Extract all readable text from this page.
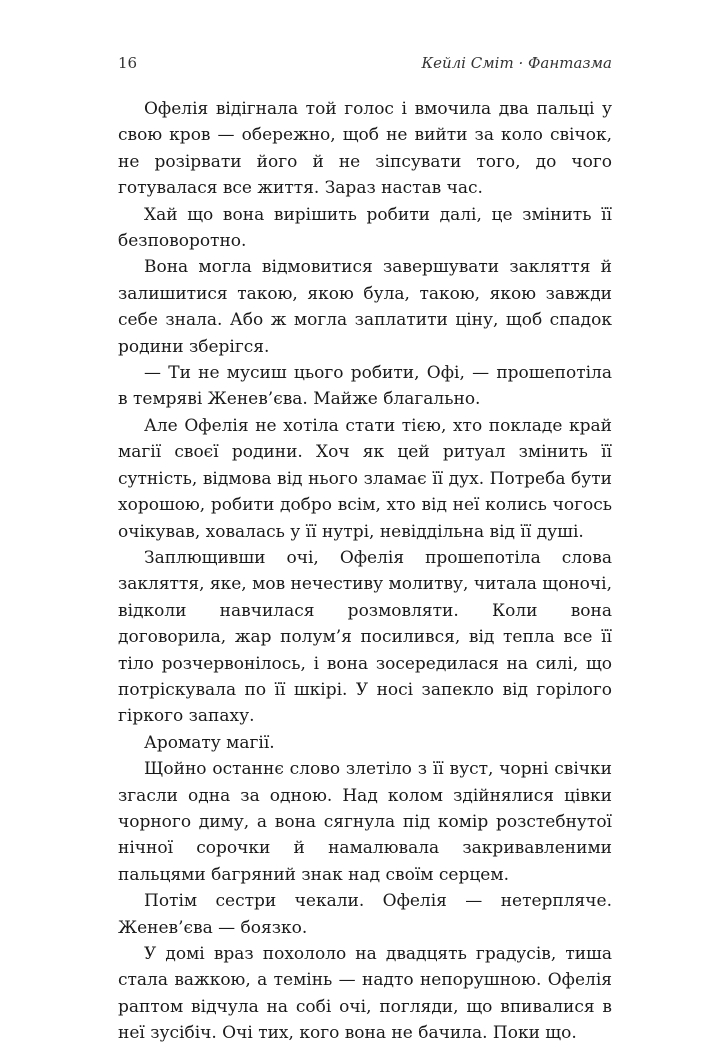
16	Кейлі Сміт · Фантазма

Офелія відігнала той голос і вмочила два пальці у свою кров — обережно, щоб не вийти за коло свічок, не розірвати його й не зіпсувати того, до чого готувалася все життя. Зараз настав час.

Хай що вона вирішить робити далі, це змінить її безповоротно.

Вона могла відмовитися завершувати закляття й залишитися такою, якою була, такою, якою завжди себе знала. Або ж могла заплатити ціну, щоб спадок родини зберігся.

— Ти не мусиш цього робити, Офі, — прошепотіла в темряві Женев’єва. Майже благально.

Але Офелія не хотіла стати тією, хто покладе край магії своєї родини. Хоч як цей ритуал змінить її сутність, відмова від нього зламає її дух. Потреба бути хорошою, робити добро всім, хто від неї колись чогось очікував, ховалась у її нутрі, невіддільна від її душі.

Заплющивши очі, Офелія прошепотіла слова закляття, яке, мов нечестиву молитву, читала щоночі, відколи навчилася розмовляти. Коли вона договорила, жар полум’я посилився, від тепла все її тіло розчервонілось, і вона зосередилася на силі, що потріскувала по її шкірі. У носі запекло від горілого гіркого запаху.

Аромату магії.

Щойно останнє слово злетіло з її вуст, чорні свічки згасли одна за одною. Над колом здійнялися цівки чорного диму, а вона сягнула під комір розстебнутої нічної сорочки й намалювала закривавленими пальцями багряний знак над своїм серцем.

Потім сестри чекали. Офелія — нетерпляче. Женев’єва — боязко.

У домі враз похололо на двадцять градусів, тиша стала важкою, а темінь — надто непорушною. Офелія раптом відчула на собі очі, погляди, що впивалися в неї зусібіч. Очі тих, кого вона не бачила. Поки що.
